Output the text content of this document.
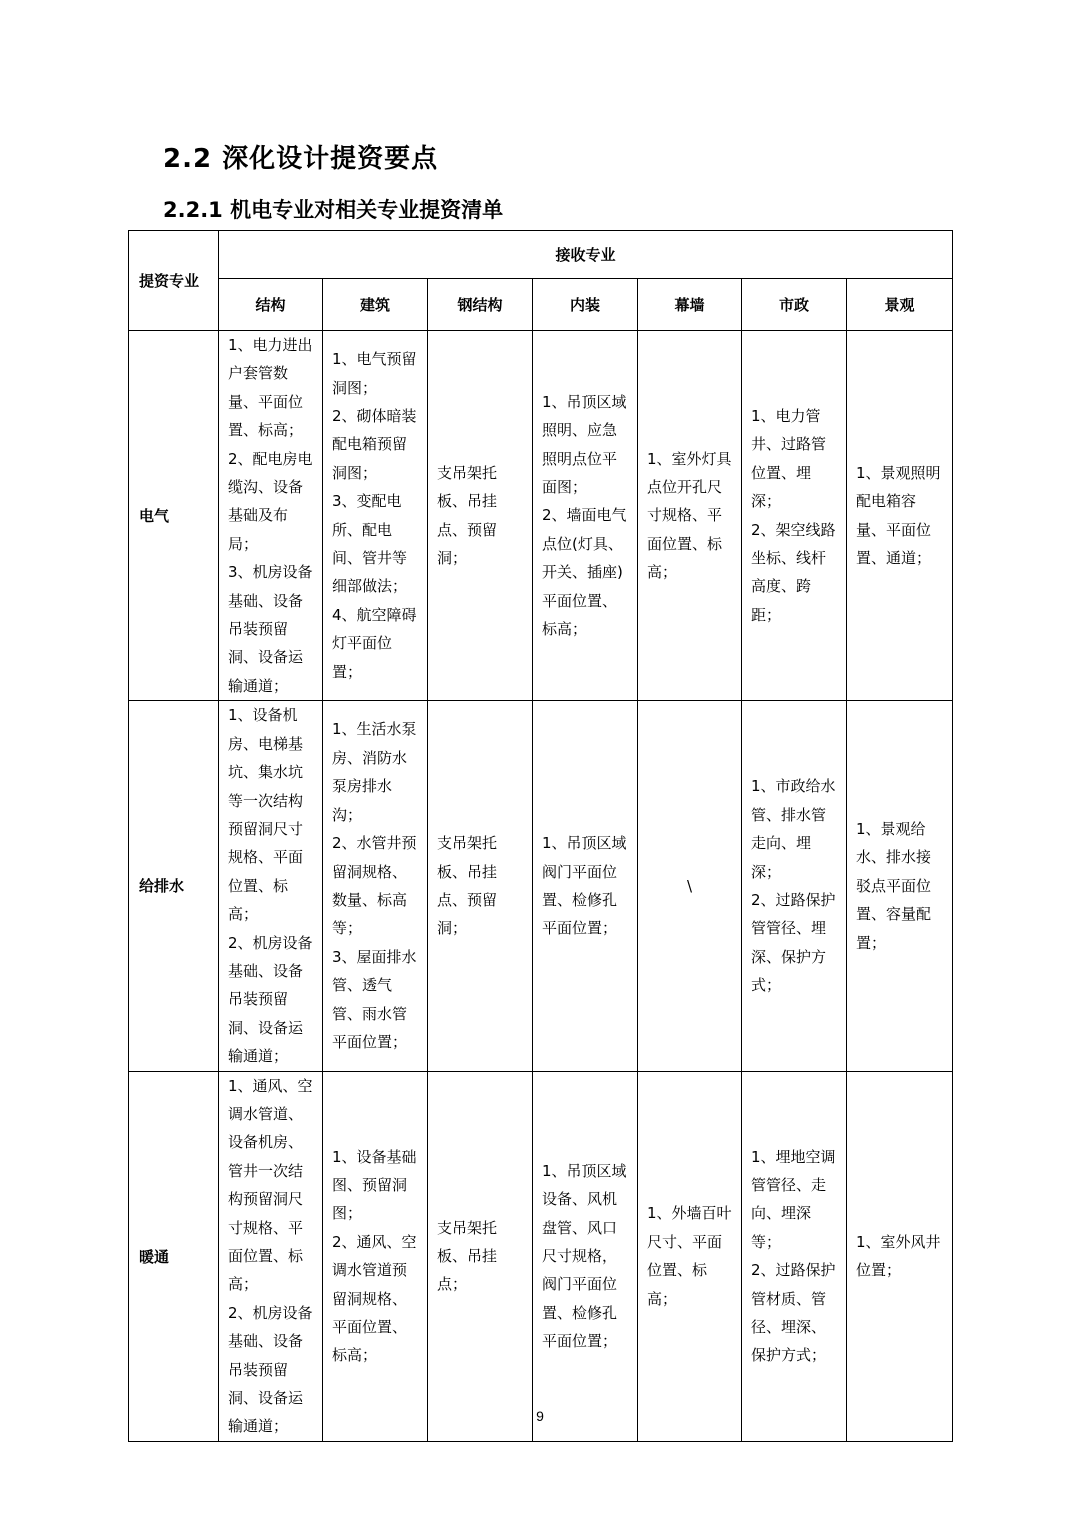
2.2 深化设计提资要点
2.2.1 机电专业对相关专业提资清单
提资专业	接收专业						
	结构	建筑	钢结构	内装	幕墙	市政	景观
电气	1、电力进出户套管数量、平面位置、标高；
2、配电房电缆沟、设备基础及布局；
3、机房设备基础、设备吊装预留洞、设备运输通道；	1、电气预留洞图；
2、砌体暗装配电箱预留洞图；
3、变配电所、配电间、管井等细部做法；
4、航空障碍灯平面位置；	支吊架托板、吊挂点、预留洞；	1、吊顶区域照明、应急照明点位平面图；
2、墙面电气点位(灯具、开关、插座)平面位置、标高；	1、室外灯具点位开孔尺寸规格、平面位置、标高；	1、电力管井、过路管位置、埋深；
2、架空线路坐标、线杆高度、跨距；	1、景观照明配电箱容量、平面位置、通道；
给排水	1、设备机房、电梯基坑、集水坑等一次结构预留洞尺寸规格、平面位置、标高；
2、机房设备基础、设备吊装预留洞、设备运输通道；	1、生活水泵房、消防水泵房排水沟；
2、水管井预留洞规格、数量、标高等；
3、屋面排水管、透气管、雨水管平面位置；	支吊架托板、吊挂点、预留洞；	1、吊顶区域阀门平面位置、检修孔平面位置；	\	1、市政给水管、排水管走向、埋深；
2、过路保护管管径、埋深、保护方式；	1、景观给水、排水接驳点平面位置、容量配置；
暖通	1、通风、空调水管道、设备机房、管井一次结构预留洞尺寸规格、平面位置、标高；
2、机房设备基础、设备吊装预留洞、设备运输通道；	1、设备基础图、预留洞图；
2、通风、空调水管道预留洞规格、平面位置、标高；	支吊架托板、吊挂点；	1、吊顶区域设备、风机盘管、风口尺寸规格，阀门平面位置、检修孔平面位置；	1、外墙百叶尺寸、平面位置、标高；	1、埋地空调管管径、走向、埋深等；
2、过路保护管材质、管径、埋深、保护方式；	1、室外风井位置；
9
